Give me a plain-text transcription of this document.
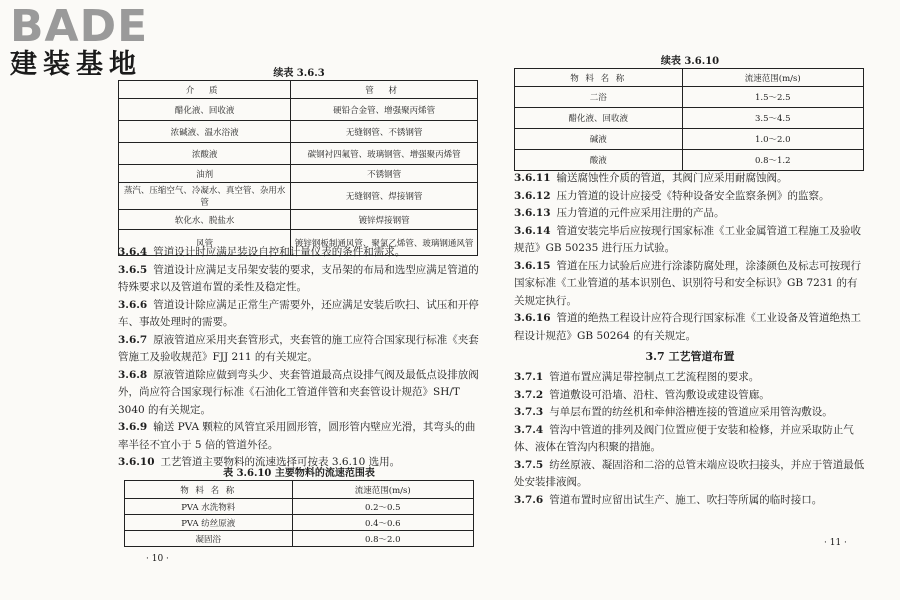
BADE
建装基地	续表 3.6.3
介 质	管 材
醋化液、回收液	硬铅合金管、增强聚丙烯管
浓碱液、温水浴液	无缝钢管、不锈钢管
浓酸液	碳钢衬四氟管、玻璃钢管、增强聚丙烯管
油剂	不锈钢管
蒸汽、压缩空气、冷凝水、真空管、杂用水管	无缝钢管、焊接钢管
软化水、脱盐水	镀锌焊接钢管
风管	镀锌钢板制通风管、聚氯乙烯管、玻璃钢通风管

3.6.4 管道设计时应满足装设自控和计量仪表的条件和需求。

3.6.5 管道设计应满足支吊架安装的要求，支吊架的布局和选型应满足管道的特殊要求以及管道布置的柔性及稳定性。

3.6.6 管道设计除应满足正常生产需要外，还应满足安装后吹扫、试压和开停车、事故处理时的需要。

3.6.7 原液管道应采用夹套管形式，夹套管的施工应符合国家现行标准《夹套管施工及验收规范》FJJ 211 的有关规定。

3.6.8 原液管道除应做到弯头少、夹套管道最高点设排气阀及最低点设排放阀外，尚应符合国家现行标准《石油化工管道伴管和夹套管设计规范》SH/T 3040 的有关规定。

3.6.9 输送 PVA 颗粒的风管宜采用圆形管，圆形管内壁应光滑，其弯头的曲率半径不宜小于 5 倍的管道外径。

3.6.10 工艺管道主要物料的流速选择可按表 3.6.10 选用。

表 3.6.10 主要物料的流速范围表
物 料 名 称	流速范围(m/s)
PVA 水洗物料	0.2～0.5
PVA 纺丝原液	0.4～0.6
凝固浴	0.8～2.0
· 10 ·
续表 3.6.10
物 料 名 称	流速范围(m/s)
二浴	1.5～2.5
醋化液、回收液	3.5～4.5
碱液	1.0～2.0
酸液	0.8～1.2

3.6.11 输送腐蚀性介质的管道，其阀门应采用耐腐蚀阀。

3.6.12 压力管道的设计应接受《特种设备安全监察条例》的监察。

3.6.13 压力管道的元件应采用注册的产品。

3.6.14 管道安装完毕后应按现行国家标准《工业金属管道工程施工及验收规范》GB 50235 进行压力试验。

3.6.15 管道在压力试验后应进行涂漆防腐处理，涂漆颜色及标志可按现行国家标准《工业管道的基本识别色、识别符号和安全标识》GB 7231 的有关规定执行。

3.6.16 管道的绝热工程设计应符合现行国家标准《工业设备及管道绝热工程设计规范》GB 50264 的有关规定。

3.7 工艺管道布置

3.7.1 管道布置应满足带控制点工艺流程图的要求。

3.7.2 管道敷设可沿墙、沿柱、管沟敷设或建设管廊。

3.7.3 与单层布置的纺丝机和牵伸浴槽连接的管道应采用管沟敷设。

3.7.4 管沟中管道的排列及阀门位置应便于安装和检修，并应采取防止气体、液体在管沟内积聚的措施。

3.7.5 纺丝原液、凝固浴和二浴的总管末端应设吹扫接头，并应于管道最低处安装排液阀。

3.7.6 管道布置时应留出试生产、施工、吹扫等所属的临时接口。

· 11 ·
